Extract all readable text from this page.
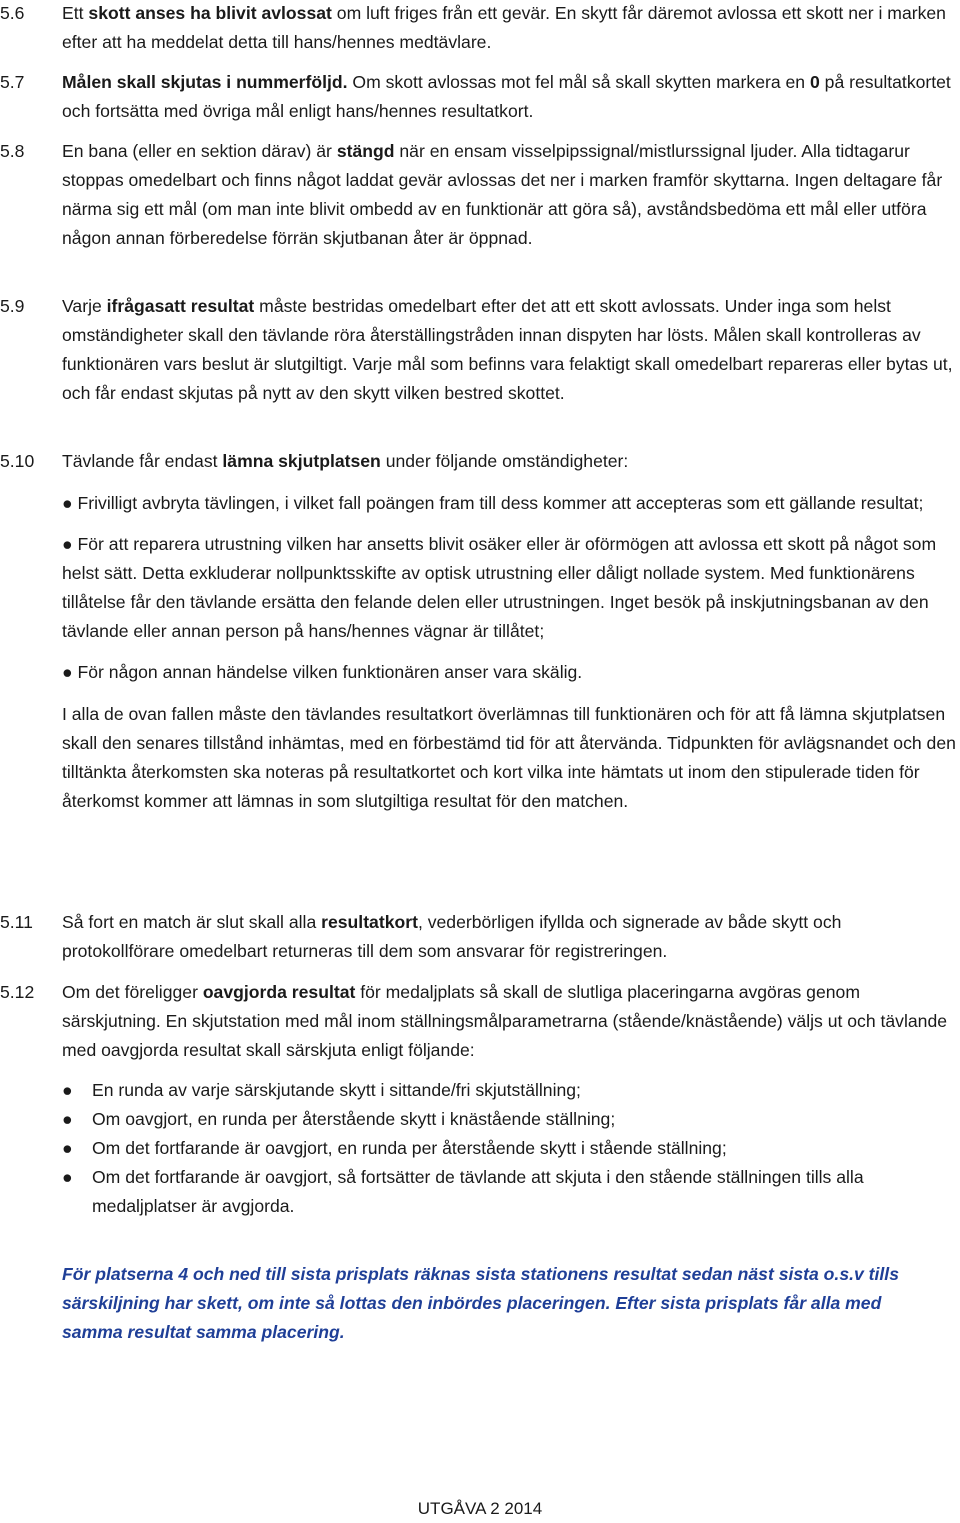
5.6	Ett skott anses ha blivit avlossat om luft friges från ett gevär. En skytt får däremot avlossa ett skott ner i marken efter att ha meddelat detta till hans/hennes medtävlare.

5.7	Målen skall skjutas i nummerföljd. Om skott avlossas mot fel mål så skall skytten markera en 0 på resultatkortet och fortsätta med övriga mål enligt hans/hennes resultatkort.

5.8	En bana (eller en sektion därav) är stängd när en ensam visselpipssignal/mistlurssignal ljuder. Alla tidtagarur stoppas omedelbart och finns något laddat gevär avlossas det ner i marken framför skyttarna. Ingen deltagare får närma sig ett mål (om man inte blivit ombedd av en funktionär att göra så), avståndsbedöma ett mål eller utföra någon annan förberedelse förrän skjutbanan åter är öppnad.

5.9	Varje ifrågasatt resultat måste bestridas omedelbart efter det att ett skott avlossats. Under inga som helst omständigheter skall den tävlande röra återställingstråden innan dispyten har lösts. Målen skall kontrolleras av funktionären vars beslut är slutgiltigt. Varje mål som befinns vara felaktigt skall omedelbart repareras eller bytas ut, och får endast skjutas på nytt av den skytt vilken bestred skottet.

5.10	Tävlande får endast lämna skjutplatsen under följande omständigheter:

● Frivilligt avbryta tävlingen, i vilket fall poängen fram till dess kommer att accepteras som ett gällande resultat;

● För att reparera utrustning vilken har ansetts blivit osäker eller är oförmögen att avlossa ett skott på något som helst sätt. Detta exkluderar nollpunktsskifte av optisk utrustning eller dåligt nollade system. Med funktionärens tillåtelse får den tävlande ersätta den felande delen eller utrustningen. Inget besök på inskjutningsbanan av den tävlande eller annan person på hans/hennes vägnar är tillåtet;

● För någon annan händelse vilken funktionären anser vara skälig.

I alla de ovan fallen måste den tävlandes resultatkort överlämnas till funktionären och för att få lämna skjutplatsen skall den senares tillstånd inhämtas, med en förbestämd tid för att återvända. Tidpunkten för avlägsnandet och den tilltänkta återkomsten ska noteras på resultatkortet och kort vilka inte hämtats ut inom den stipulerade tiden för återkomst kommer att lämnas in som slutgiltiga resultat för den matchen.

5.11	Så fort en match är slut skall alla resultatkort, vederbörligen ifyllda och signerade av både skytt och protokollförare omedelbart returneras till dem som ansvarar för registreringen.

5.12	Om det föreligger oavgjorda resultat för medaljplats så skall de slutliga placeringarna avgöras genom särskjutning. En skjutstation med mål inom ställningsmålparametrarna (stående/knästående) väljs ut och tävlande med oavgjorda resultat skall särskjuta enligt följande:

● En runda av varje särskjutande skytt i sittande/fri skjutställning;
● Om oavgjort, en runda per återstående skytt i knästående ställning;
● Om det fortfarande är oavgjort, en runda per återstående skytt i stående ställning;
● Om det fortfarande är oavgjort, så fortsätter de tävlande att skjuta i den stående ställningen tills alla medaljplatser är avgjorda.
För platserna 4 och ned till sista prisplats räknas sista stationens resultat sedan näst sista o.s.v tills särskiljning har skett, om inte så lottas den inbördes placeringen. Efter sista prisplats får alla med samma resultat samma placering.
UTGÅVA 2 2014
